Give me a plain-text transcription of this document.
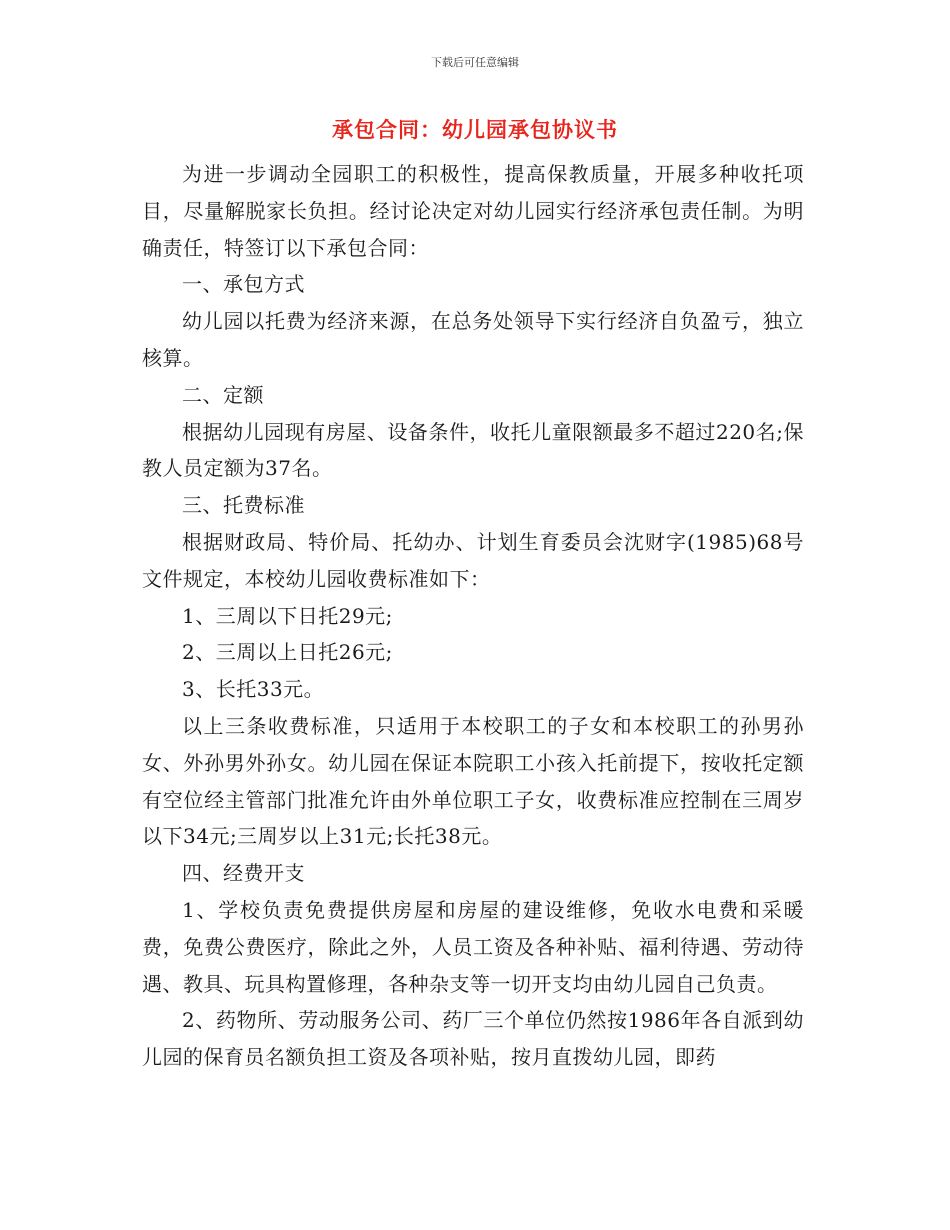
下载后可任意编辑
承包合同：幼儿园承包协议书

为进一步调动全园职工的积极性，提高保教质量，开展多种收托项目，尽量解脱家长负担。经讨论决定对幼儿园实行经济承包责任制。为明确责任，特签订以下承包合同：

一、承包方式

幼儿园以托费为经济来源，在总务处领导下实行经济自负盈亏，独立核算。

二、定额

根据幼儿园现有房屋、设备条件，收托儿童限额最多不超过220名;保教人员定额为37名。

三、托费标准

根据财政局、特价局、托幼办、计划生育委员会沈财字(1985)68号文件规定，本校幼儿园收费标准如下：

1、三周以下日托29元;

2、三周以上日托26元;

3、长托33元。

以上三条收费标准，只适用于本校职工的子女和本校职工的孙男孙女、外孙男外孙女。幼儿园在保证本院职工小孩入托前提下，按收托定额有空位经主管部门批准允许由外单位职工子女，收费标准应控制在三周岁以下34元;三周岁以上31元;长托38元。

四、经费开支

1、学校负责免费提供房屋和房屋的建设维修，免收水电费和采暖费，免费公费医疗，除此之外，人员工资及各种补贴、福利待遇、劳动待遇、教具、玩具构置修理，各种杂支等一切开支均由幼儿园自己负责。

2、药物所、劳动服务公司、药厂三个单位仍然按1986年各自派到幼儿园的保育员名额负担工资及各项补贴，按月直拨幼儿园，即药
